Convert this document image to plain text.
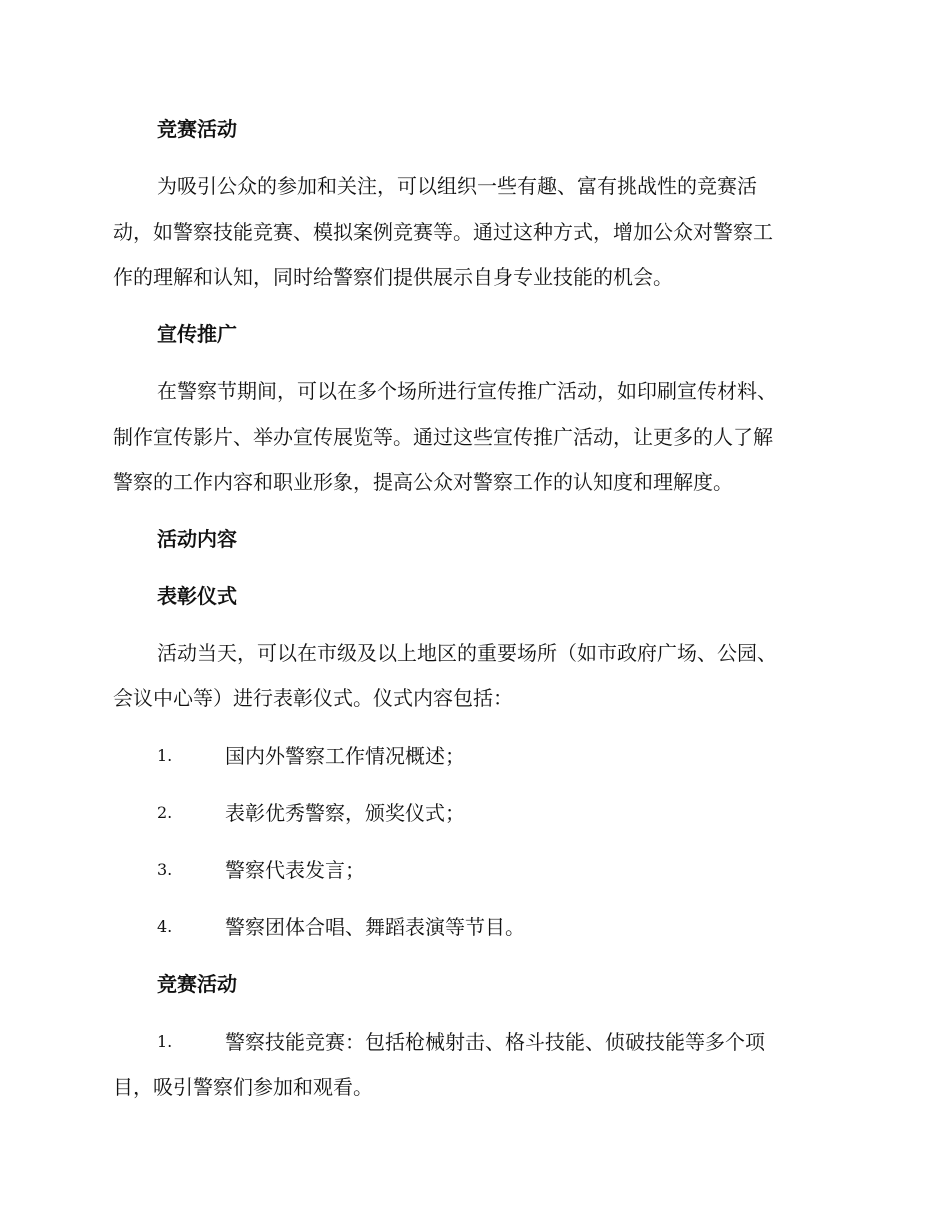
竞赛活动
为吸引公众的参加和关注，可以组织一些有趣、富有挑战性的竞赛活
动，如警察技能竞赛、模拟案例竞赛等。通过这种方式，增加公众对警察工
作的理解和认知，同时给警察们提供展示自身专业技能的机会。
宣传推广
在警察节期间，可以在多个场所进行宣传推广活动，如印刷宣传材料、
制作宣传影片、举办宣传展览等。通过这些宣传推广活动，让更多的人了解
警察的工作内容和职业形象，提高公众对警察工作的认知度和理解度。
活动内容
表彰仪式
活动当天，可以在市级及以上地区的重要场所（如市政府广场、公园、
会议中心等）进行表彰仪式。仪式内容包括：
1.	国内外警察工作情况概述；
2.	表彰优秀警察，颁奖仪式；
3.	警察代表发言；
4.	警察团体合唱、舞蹈表演等节目。
竞赛活动
1.	警察技能竞赛：包括枪械射击、格斗技能、侦破技能等多个项
目，吸引警察们参加和观看。
